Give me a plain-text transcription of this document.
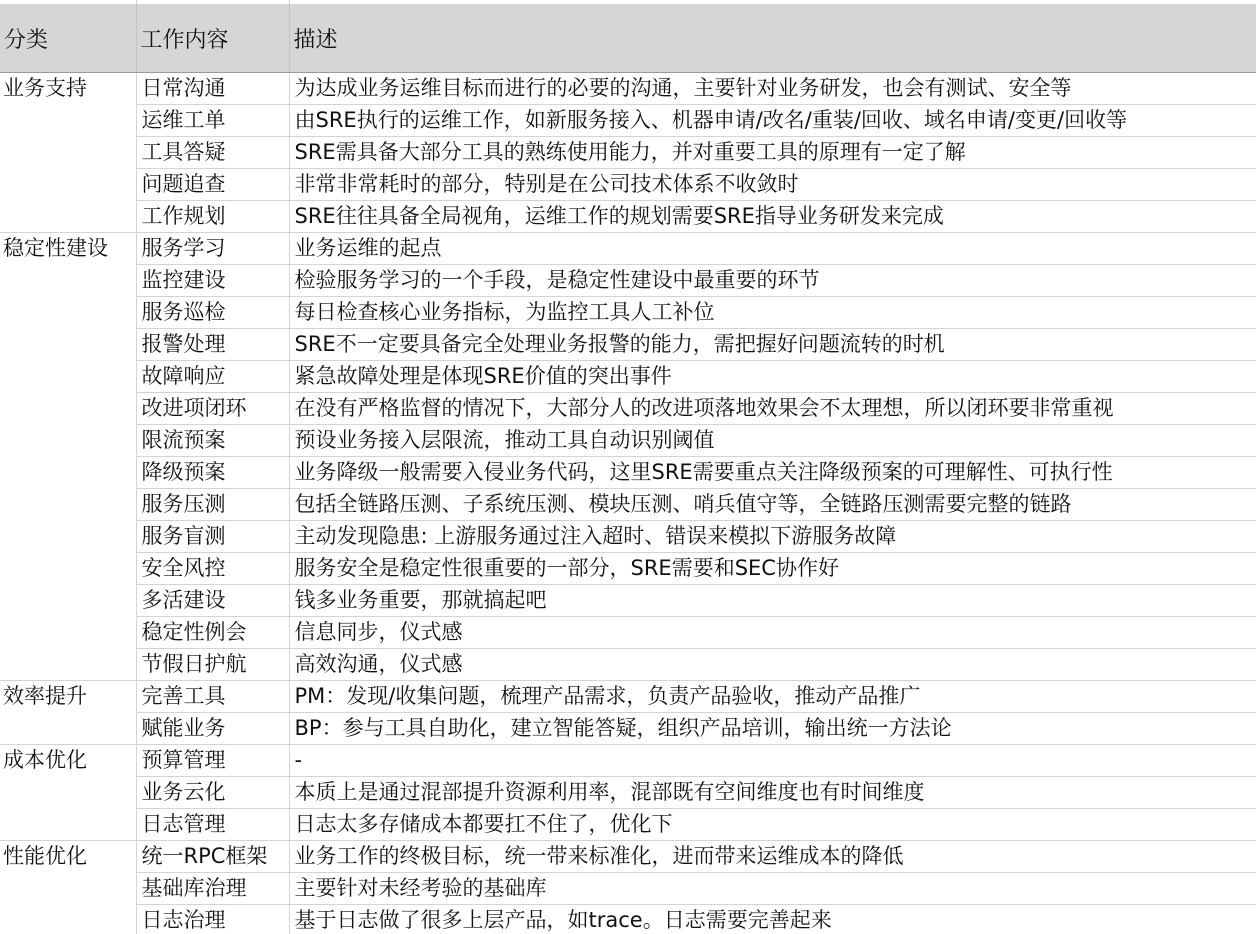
分类	工作内容	描述
业务支持	日常沟通	为达成业务运维目标而进行的必要的沟通，主要针对业务研发，也会有测试、安全等
	运维工单	由SRE执行的运维工作，如新服务接入、机器申请/改名/重装/回收、域名申请/变更/回收等
	工具答疑	SRE需具备大部分工具的熟练使用能力，并对重要工具的原理有一定了解
	问题追查	非常非常耗时的部分，特别是在公司技术体系不收敛时
	工作规划	SRE往往具备全局视角，运维工作的规划需要SRE指导业务研发来完成
稳定性建设	服务学习	业务运维的起点
	监控建设	检验服务学习的一个手段，是稳定性建设中最重要的环节
	服务巡检	每日检查核心业务指标，为监控工具人工补位
	报警处理	SRE不一定要具备完全处理业务报警的能力，需把握好问题流转的时机
	故障响应	紧急故障处理是体现SRE价值的突出事件
	改进项闭环	在没有严格监督的情况下，大部分人的改进项落地效果会不太理想，所以闭环要非常重视
	限流预案	预设业务接入层限流，推动工具自动识别阈值
	降级预案	业务降级一般需要入侵业务代码，这里SRE需要重点关注降级预案的可理解性、可执行性
	服务压测	包括全链路压测、子系统压测、模块压测、哨兵值守等，全链路压测需要完整的链路
	服务盲测	主动发现隐患: 上游服务通过注入超时、错误来模拟下游服务故障
	安全风控	服务安全是稳定性很重要的一部分，SRE需要和SEC协作好
	多活建设	钱多业务重要，那就搞起吧
	稳定性例会	信息同步，仪式感
	节假日护航	高效沟通，仪式感
效率提升	完善工具	PM：发现/收集问题，梳理产品需求，负责产品验收，推动产品推广
	赋能业务	BP：参与工具自助化，建立智能答疑，组织产品培训，输出统一方法论
成本优化	预算管理	-
	业务云化	本质上是通过混部提升资源利用率，混部既有空间维度也有时间维度
	日志管理	日志太多存储成本都要扛不住了，优化下
性能优化	统一RPC框架	业务工作的终极目标，统一带来标准化，进而带来运维成本的降低
	基础库治理	主要针对未经考验的基础库
	日志治理	基于日志做了很多上层产品，如trace。日志需要完善起来
